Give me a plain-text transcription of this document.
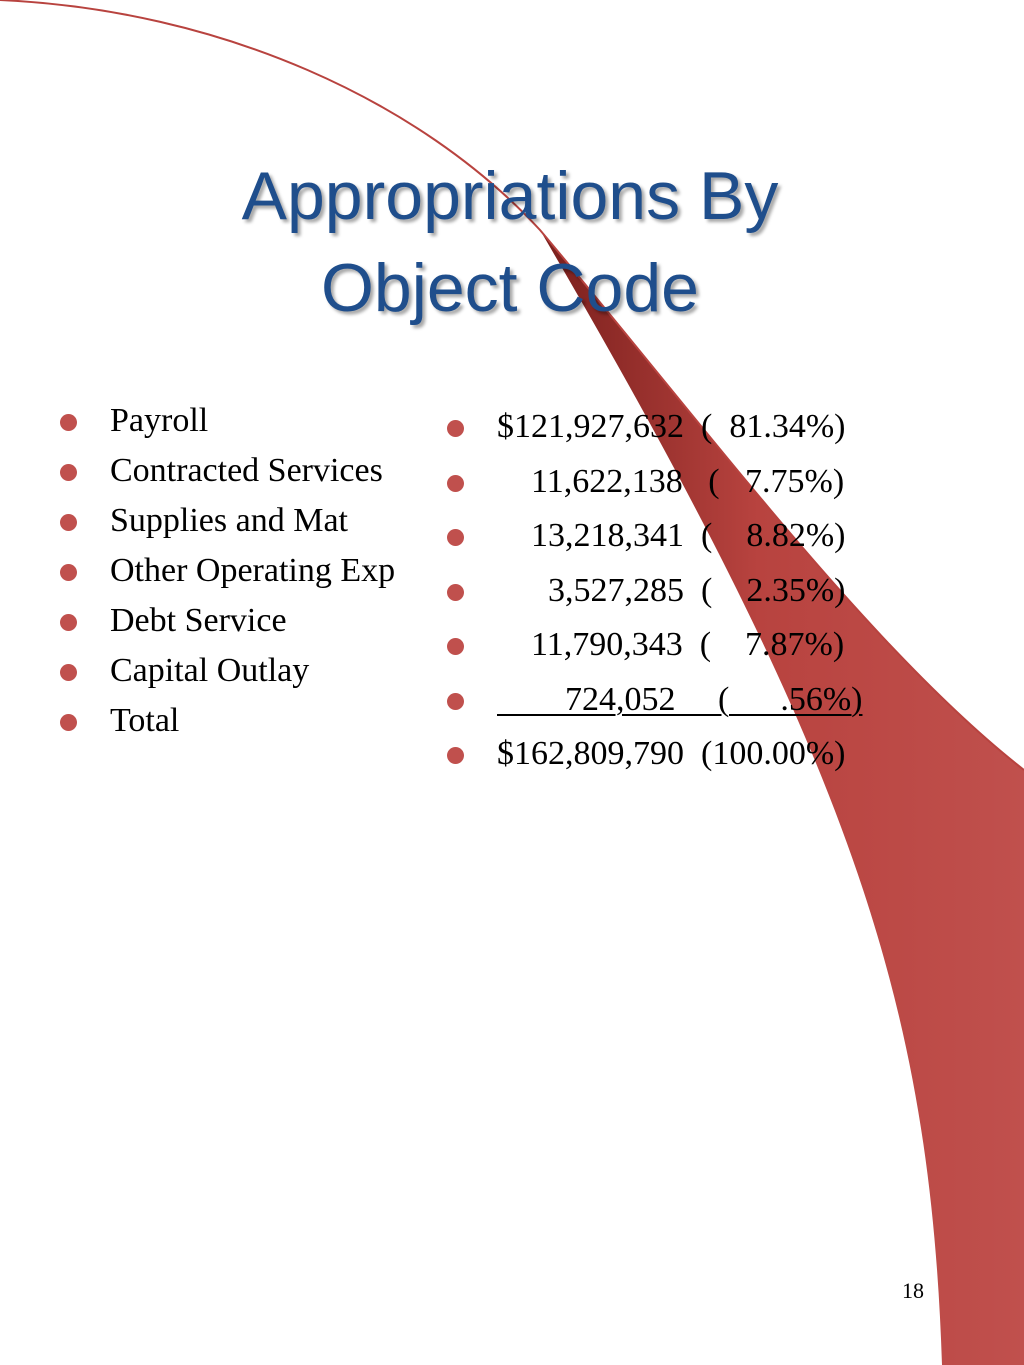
Appropriations By
Object Code
Payroll
Contracted Services
Supplies and Mat
Other Operating Exp
Debt Service
Capital Outlay
Total
$121,927,632  (  81.34%)
11,622,138   (   7.75%)
13,218,341  (    8.82%)
3,527,285  (    2.35%)
11,790,343  (    7.87%)
724,052     (      .56%)
$162,809,790  (100.00%)
18
